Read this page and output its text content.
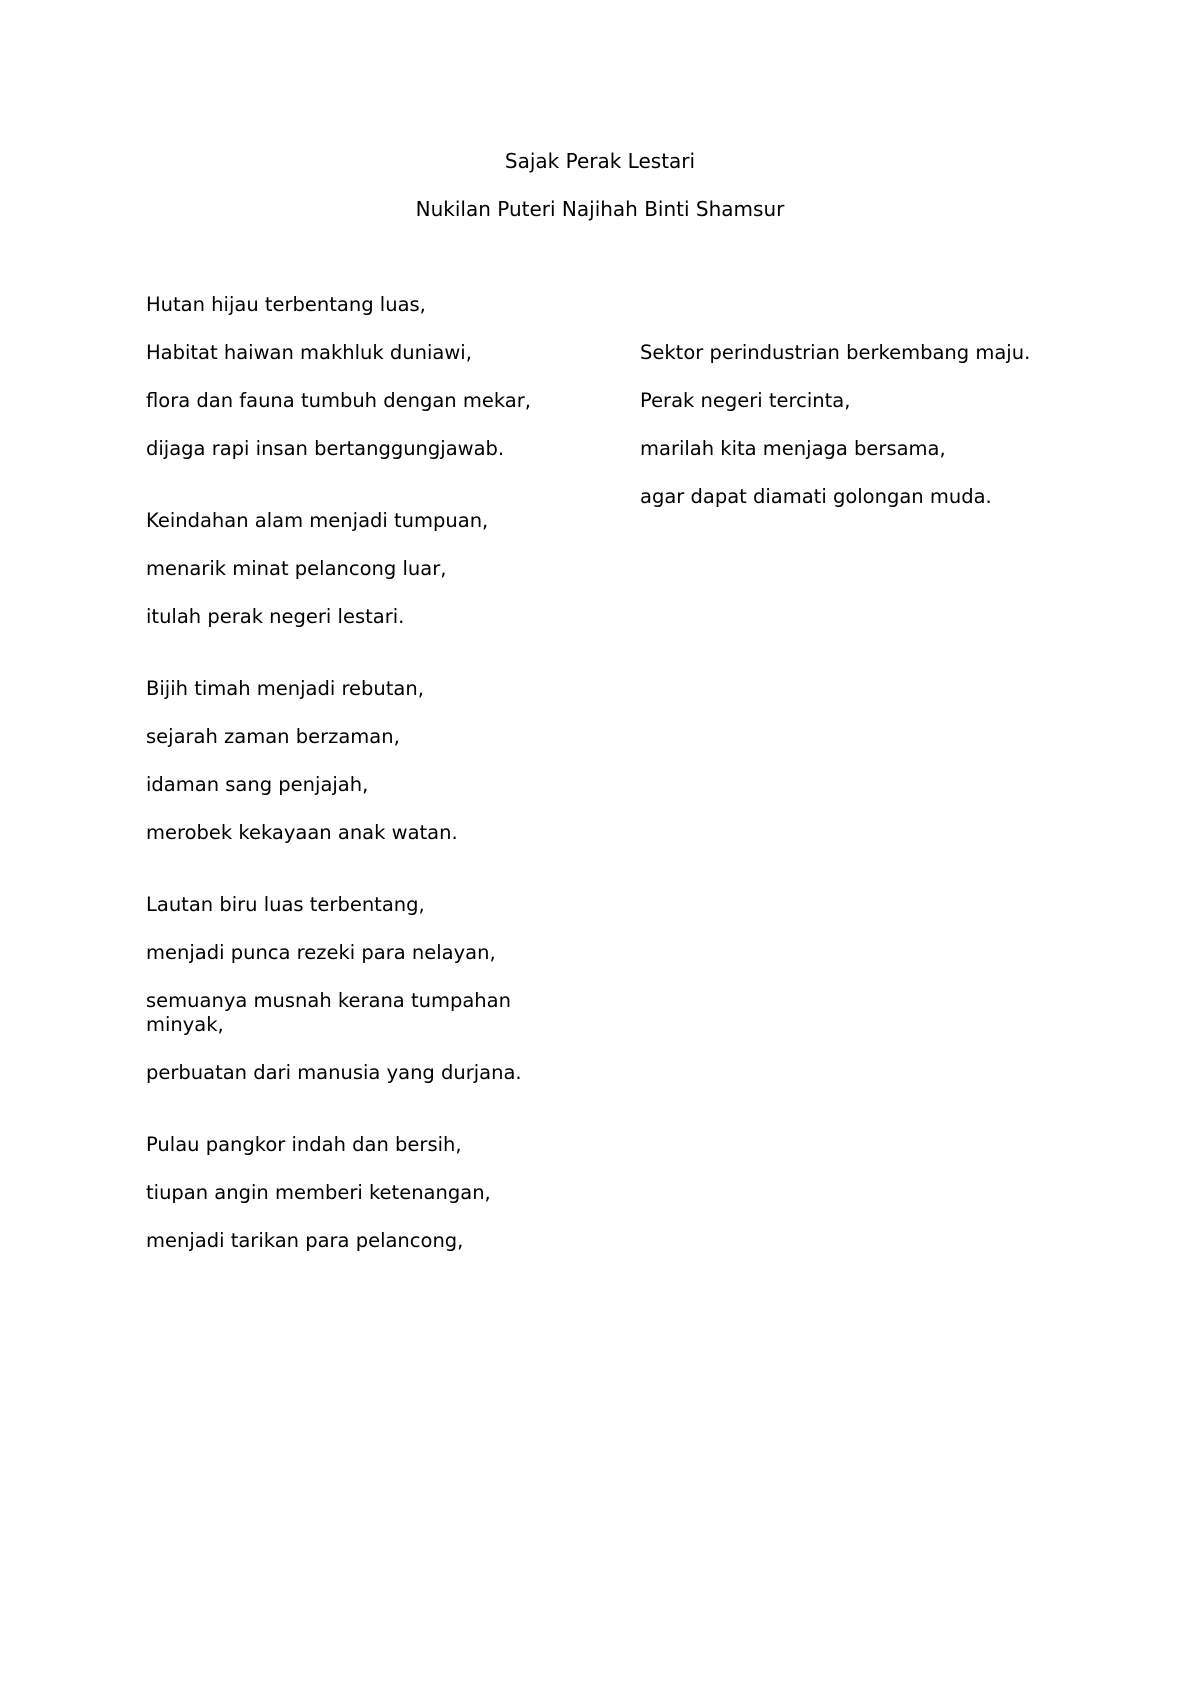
Sajak Perak Lestari
Nukilan Puteri Najihah Binti Shamsur
Hutan hijau terbentang luas,
Habitat haiwan makhluk duniawi,
flora dan fauna tumbuh dengan mekar,
dijaga rapi insan bertanggungjawab.
Keindahan alam menjadi tumpuan,
menarik minat pelancong luar,
itulah perak negeri lestari.
Bijih timah menjadi rebutan,
sejarah zaman berzaman,
idaman sang penjajah,
merobek kekayaan anak watan.
Lautan biru luas terbentang,
menjadi punca rezeki para nelayan,
semuanya musnah kerana tumpahan minyak,
perbuatan dari manusia yang durjana.
Pulau pangkor indah dan bersih,
tiupan angin memberi ketenangan,
menjadi tarikan para pelancong,
Sektor perindustrian berkembang maju.
Perak negeri tercinta,
marilah kita menjaga bersama,
agar dapat diamati golongan muda.
